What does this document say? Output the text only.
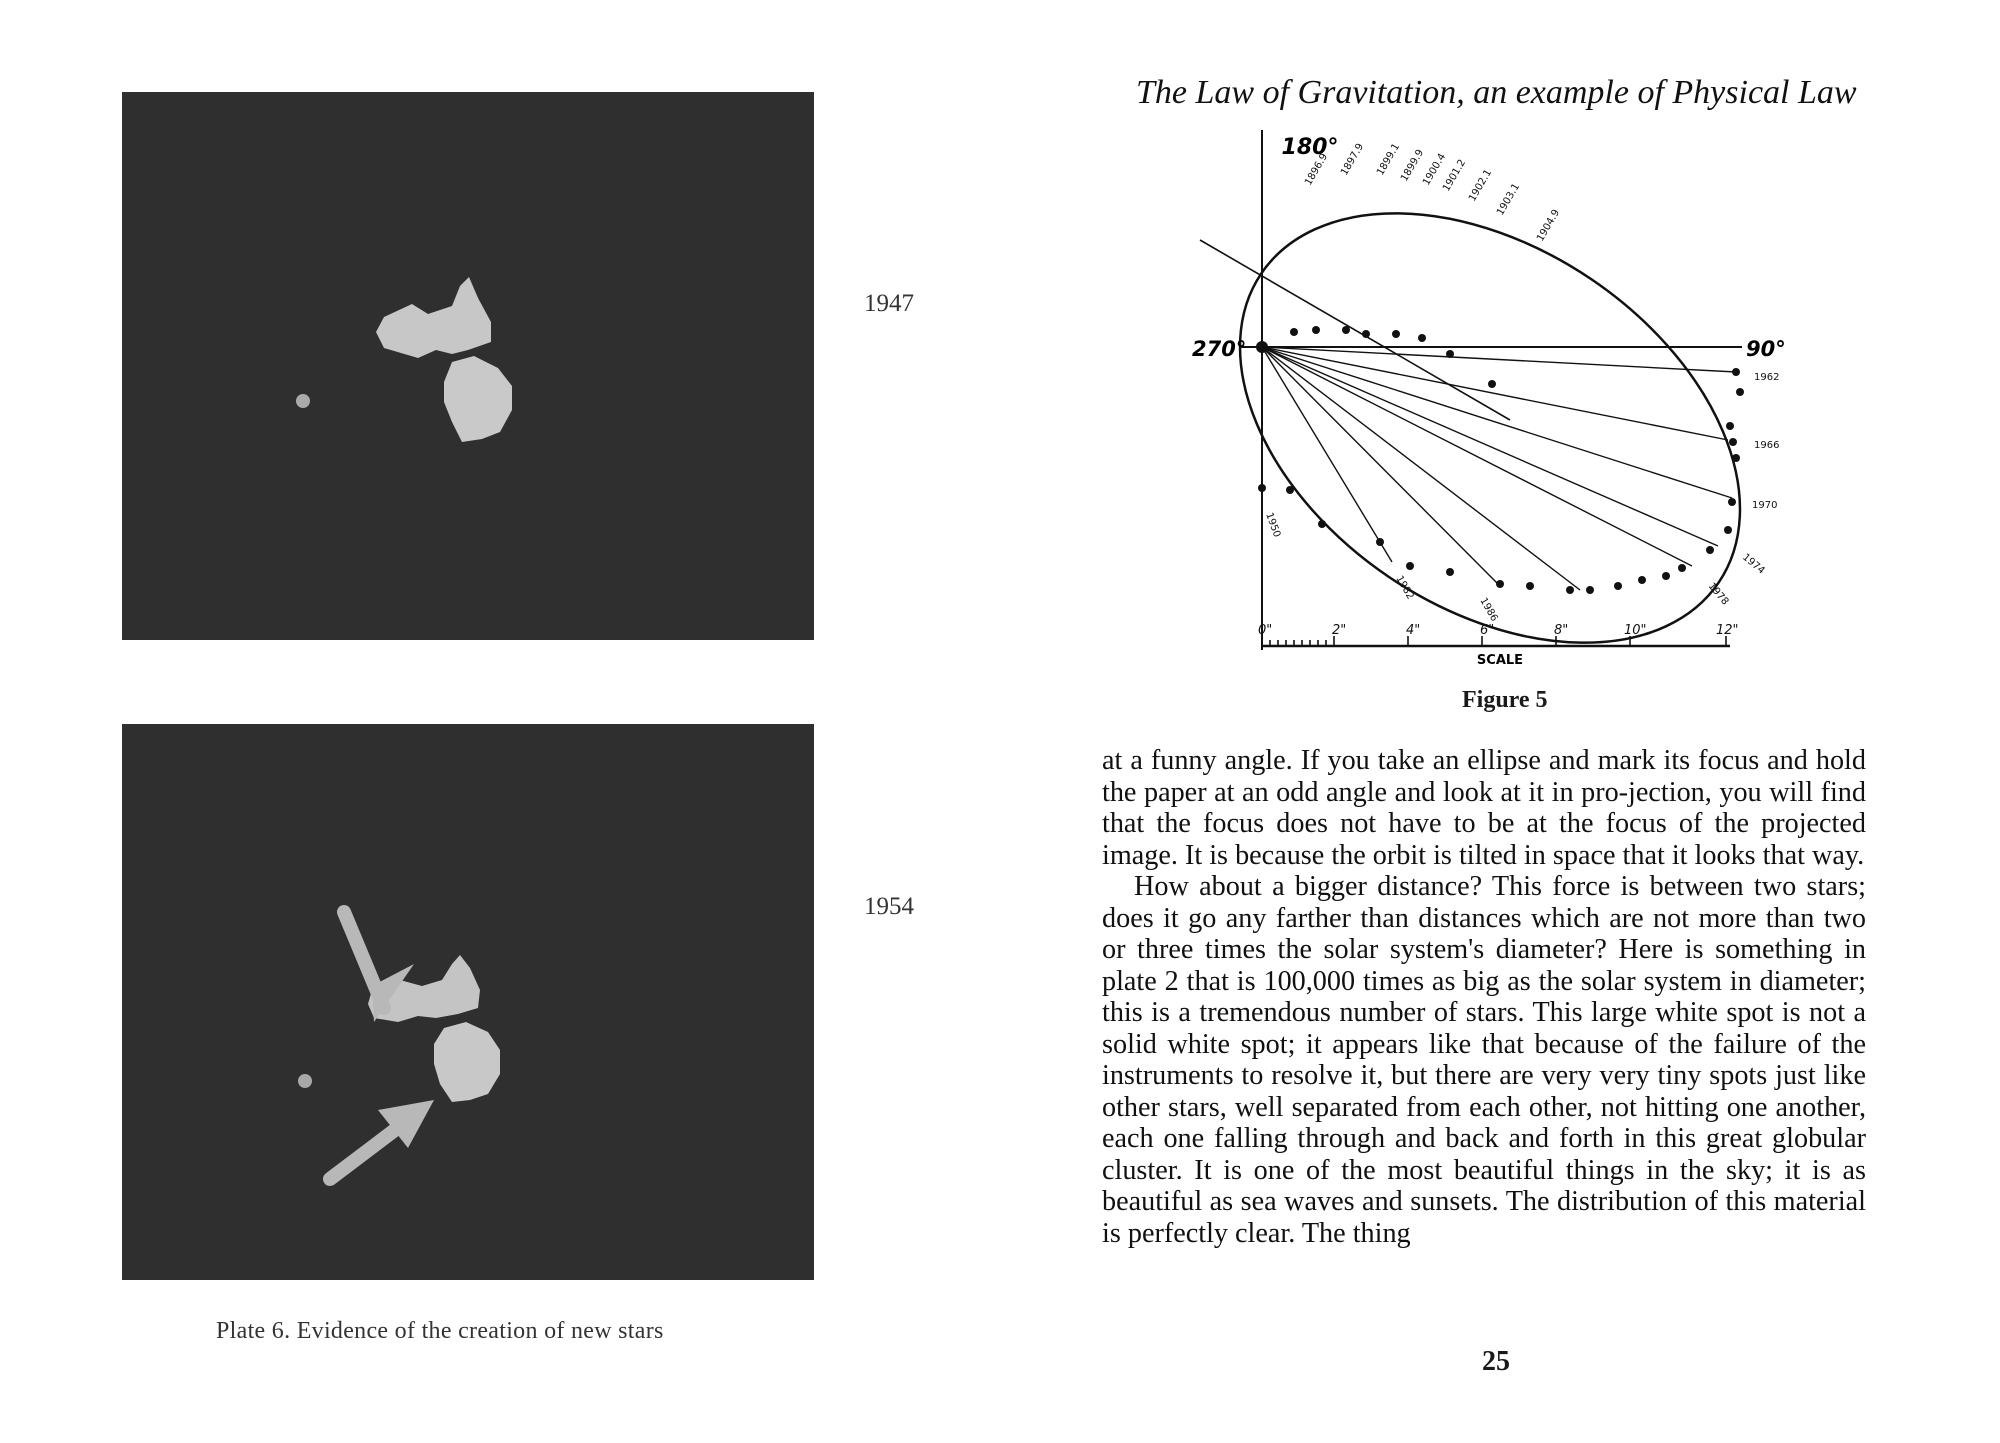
1947
1954
Plate 6. Evidence of the creation of new stars
The Law of Gravitation, an example of Physical Law
180°
270°	90°
1896.9 1897.9 1899.1
1899.9
1900.4
1901.2
1902.1 1903.1
1904.9
1962
1966
1970
1974
1978
1950
1986
1982
0"	2"	4"	6"	8"	10"	12"
SCALE
Figure 5

at a funny angle. If you take an ellipse and mark its focus and hold the paper at an odd angle and look at it in pro-jection, you will find that the focus does not have to be at the focus of the projected image. It is because the orbit is tilted in space that it looks that way.

How about a bigger distance? This force is between two stars; does it go any farther than distances which are not more than two or three times the solar system's diameter? Here is something in plate 2 that is 100,000 times as big as the solar system in diameter; this is a tremendous number of stars. This large white spot is not a solid white spot; it appears like that because of the failure of the instruments to resolve it, but there are very very tiny spots just like other stars, well separated from each other, not hitting one another, each one falling through and back and forth in this great globular cluster. It is one of the most beautiful things in the sky; it is as beautiful as sea waves and sunsets. The distribution of this material is perfectly clear. The thing

25
